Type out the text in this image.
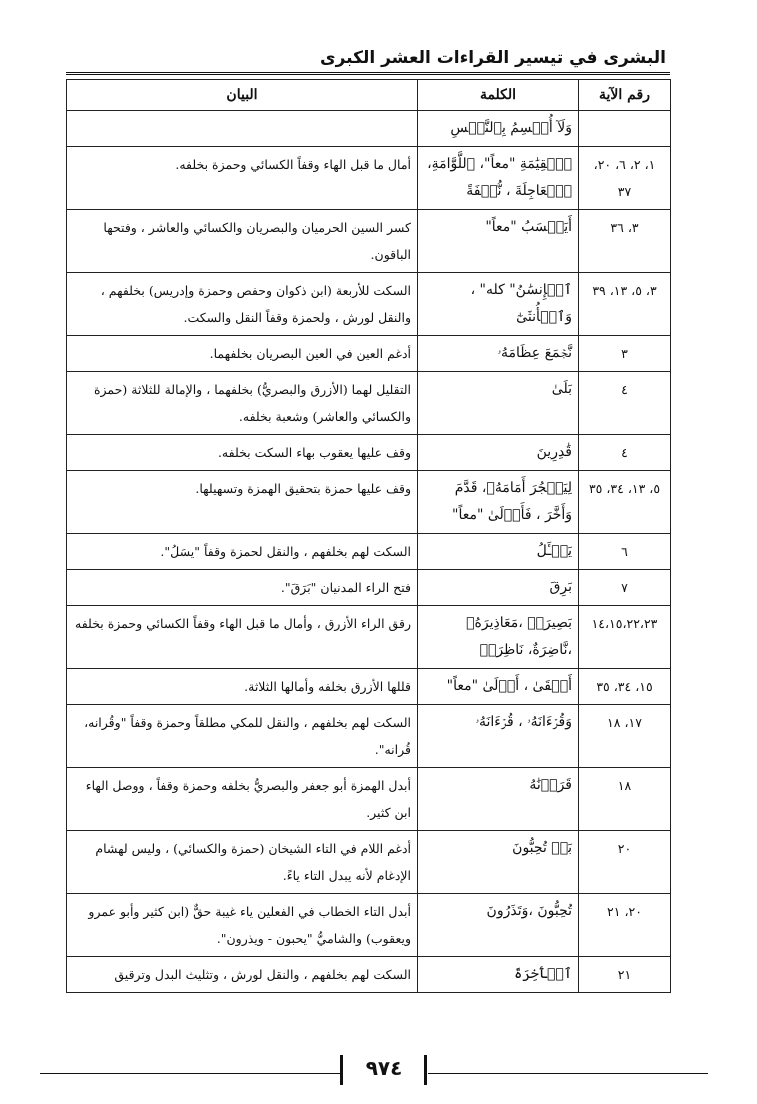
البشرى في تيسير القراءات العشر الكبرى
رقم الآية	الكلمة	البيان
	وَلَآ أُقۡسِمُ بِٱلنَّفۡسِ	
١، ٢، ٦، ٢٠، ٣٧	ٱلۡقِيَٰمَةِ "معاً"، ٱللَّوَّامَةِ، ٱلۡعَاجِلَةَ ، نُّطۡفَةً	أمال ما قبل الهاء وقفاً الكسائي وحمزة بخلفه.
٣، ٣٦	أَيَحۡسَبُ "معاً"	كسر السين الحرميان والبصريان والكسائي والعاشر ، وفتحها الباقون.
٣، ٥، ١٣، ٣٩	ٱلۡإِنسَٰنُ" كله" ، وَٱلۡأُنثَىٰٓ	السكت للأربعة (ابن ذكوان وحفص وحمزة وإدريس) بخلفهم ، والنقل لورش ، ولحمزة وقفاً النقل والسكت.
٣	نَّجۡمَعَ عِظَامَهُۥ	أدغم العين في العين البصريان بخلفهما.
٤	بَلَىٰ	التقليل لهما (الأزرق والبصريُّ) بخلفهما ، والإمالة للثلاثة (حمزة والكسائي والعاشر) وشعبة بخلفه.
٤	قَٰدِرِينَ	وقف عليها يعقوب بهاء السكت بخلفه.
٥، ١٣، ٣٤، ٣٥	لِيَفۡجُرَ أَمَامَهُۥ، قَدَّمَ وَأَخَّرَ ، فَأَوۡلَىٰ "معاً"	وقف عليها حمزة بتحقيق الهمزة وتسهيلها.
٦	يَسۡـَٔلُ	السكت لهم بخلفهم ، والنقل لحمزة وقفاً "يسَلُ".
٧	بَرِقَ	فتح الراء المدنيان "بَرَقَ".
١٤،١٥،٢٢،٢٣	بَصِيرَةٞ ،مَعَاذِيرَهُۥ ،نَّاضِرَةٌ، نَاظِرَةٞ	رقق الراء الأزرق ، وأمال ما قبل الهاء وقفاً الكسائي وحمزة بخلفه
١٥، ٣٤، ٣٥	أَلۡقَىٰ ، أَوۡلَىٰ "معاً"	قللها الأزرق بخلفه وأمالها الثلاثة.
١٧، ١٨	وَقُرۡءَانَهُۥ ، قُرۡءَانَهُۥ	السكت لهم بخلفهم ، والنقل للمكي مطلقاً وحمزة وقفاً "وقُرانه، قُرانه".
١٨	قَرَأۡنَٰهُ	أبدل الهمزة أبو جعفر والبصريُّ بخلفه وحمزة وقفاً ، ووصل الهاء ابن كثير.
٢٠	بَلۡ تُحِبُّونَ	أدغم اللام في التاء الشيخان (حمزة والكسائي) ، وليس لهشام الإدغام لأنه يبدل التاء ياءً.
٢٠، ٢١	تُحِبُّونَ ،وَتَذَرُونَ	أبدل التاء الخطاب في الفعلين ياء غيبة حقٌّ (ابن كثير وأبو عمرو ويعقوب) والشاميُّ "يحبون - ويذرون".
٢١	ٱلۡأٓخِرَةَ	السكت لهم بخلفهم ، والنقل لورش ، وتثليث البدل وترقيق
٩٧٤
